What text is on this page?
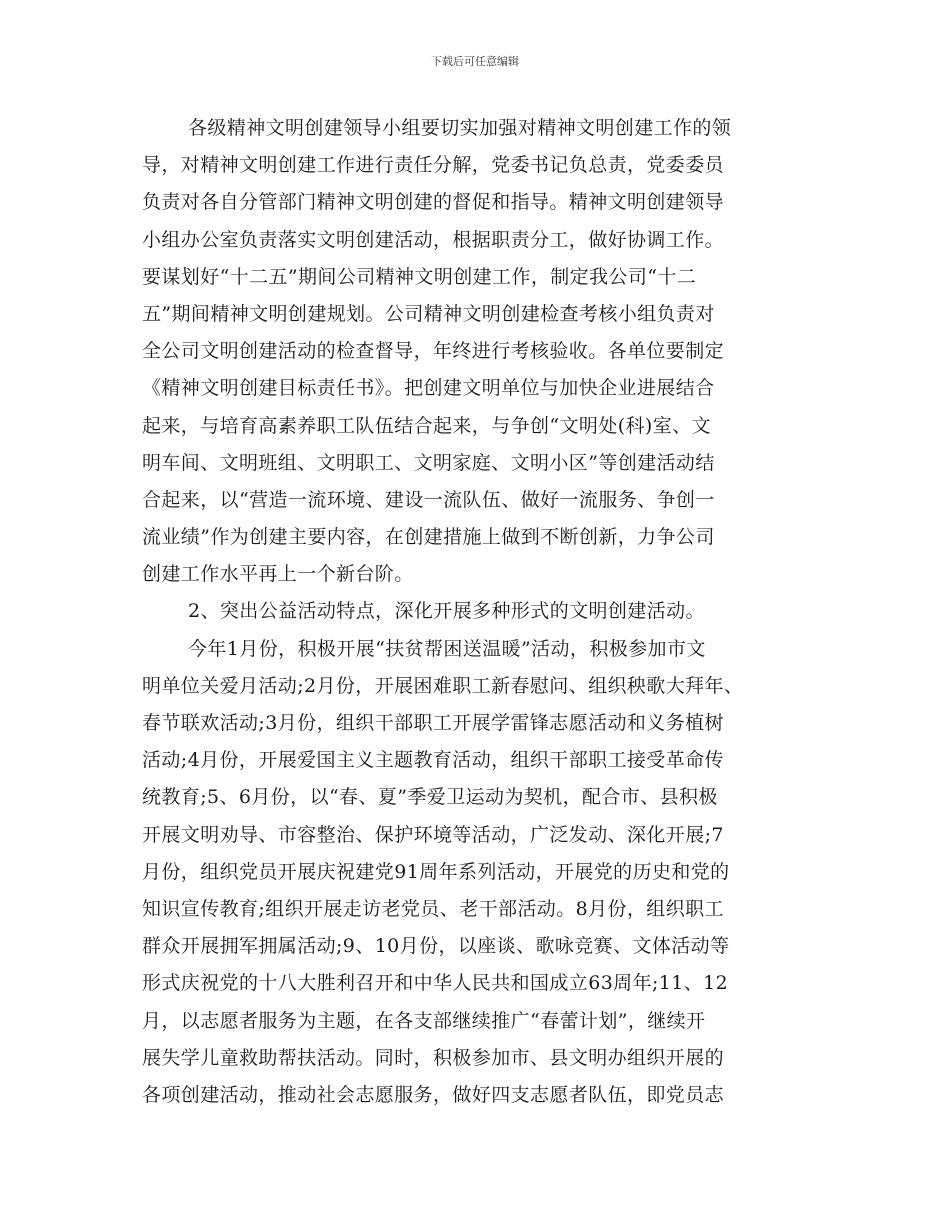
下载后可任意编辑
各级精神文明创建领导小组要切实加强对精神文明创建工作的领
导，对精神文明创建工作进行责任分解，党委书记负总责，党委委员
负责对各自分管部门精神文明创建的督促和指导。精神文明创建领导
小组办公室负责落实文明创建活动，根据职责分工，做好协调工作。
要谋划好“十二五”期间公司精神文明创建工作，制定我公司“十二
五”期间精神文明创建规划。公司精神文明创建检查考核小组负责对
全公司文明创建活动的检查督导，年终进行考核验收。各单位要制定
《精神文明创建目标责任书》。把创建文明单位与加快企业进展结合
起来，与培育高素养职工队伍结合起来，与争创“文明处(科)室、文
明车间、文明班组、文明职工、文明家庭、文明小区”等创建活动结
合起来，以“营造一流环境、建设一流队伍、做好一流服务、争创一
流业绩”作为创建主要内容，在创建措施上做到不断创新，力争公司
创建工作水平再上一个新台阶。
2、突出公益活动特点，深化开展多种形式的文明创建活动。
今年1月份，积极开展“扶贫帮困送温暖”活动，积极参加市文
明单位关爱月活动;2月份，开展困难职工新春慰问、组织秧歌大拜年、
春节联欢活动;3月份，组织干部职工开展学雷锋志愿活动和义务植树
活动;4月份，开展爱国主义主题教育活动，组织干部职工接受革命传
统教育;5、6月份，以“春、夏”季爱卫运动为契机，配合市、县积极
开展文明劝导、市容整治、保护环境等活动，广泛发动、深化开展;7
月份，组织党员开展庆祝建党91周年系列活动，开展党的历史和党的
知识宣传教育;组织开展走访老党员、老干部活动。8月份，组织职工
群众开展拥军拥属活动;9、10月份，以座谈、歌咏竞赛、文体活动等
形式庆祝党的十八大胜利召开和中华人民共和国成立63周年;11、12
月，以志愿者服务为主题，在各支部继续推广“春蕾计划”，继续开
展失学儿童救助帮扶活动。同时，积极参加市、县文明办组织开展的
各项创建活动，推动社会志愿服务，做好四支志愿者队伍，即党员志
